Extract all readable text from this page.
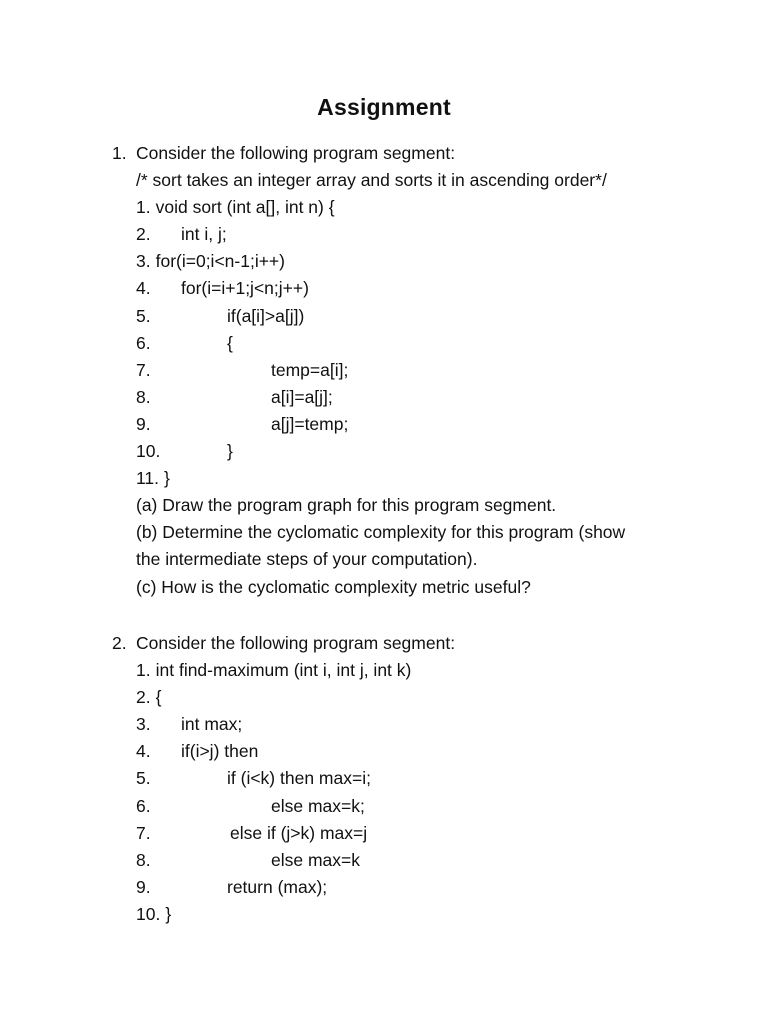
Assignment
1. Consider the following program segment:
/* sort takes an integer array and sorts it in ascending order*/
1. void sort (int a[], int n) {
2. int i, j;
3. for(i=0;i<n-1;i++)
4. for(i=i+1;j<n;j++)
5.	if(a[i]>a[j])
6.	{
7.	temp=a[i];
8.	a[i]=a[j];
9.	a[j]=temp;
10.	}
11. }
(a) Draw the program graph for this program segment.
(b) Determine the cyclomatic complexity for this program (show
the intermediate steps of your computation).
(c) How is the cyclomatic complexity metric useful?
2. Consider the following program segment:
1. int find-maximum (int i, int j, int k)
2. {
3. int max;
4. if(i>j) then
5.	if (i<k) then max=i;
6.	else max=k;
7.	else if (j>k) max=j
8.	else max=k
9.	return (max);
10. }
